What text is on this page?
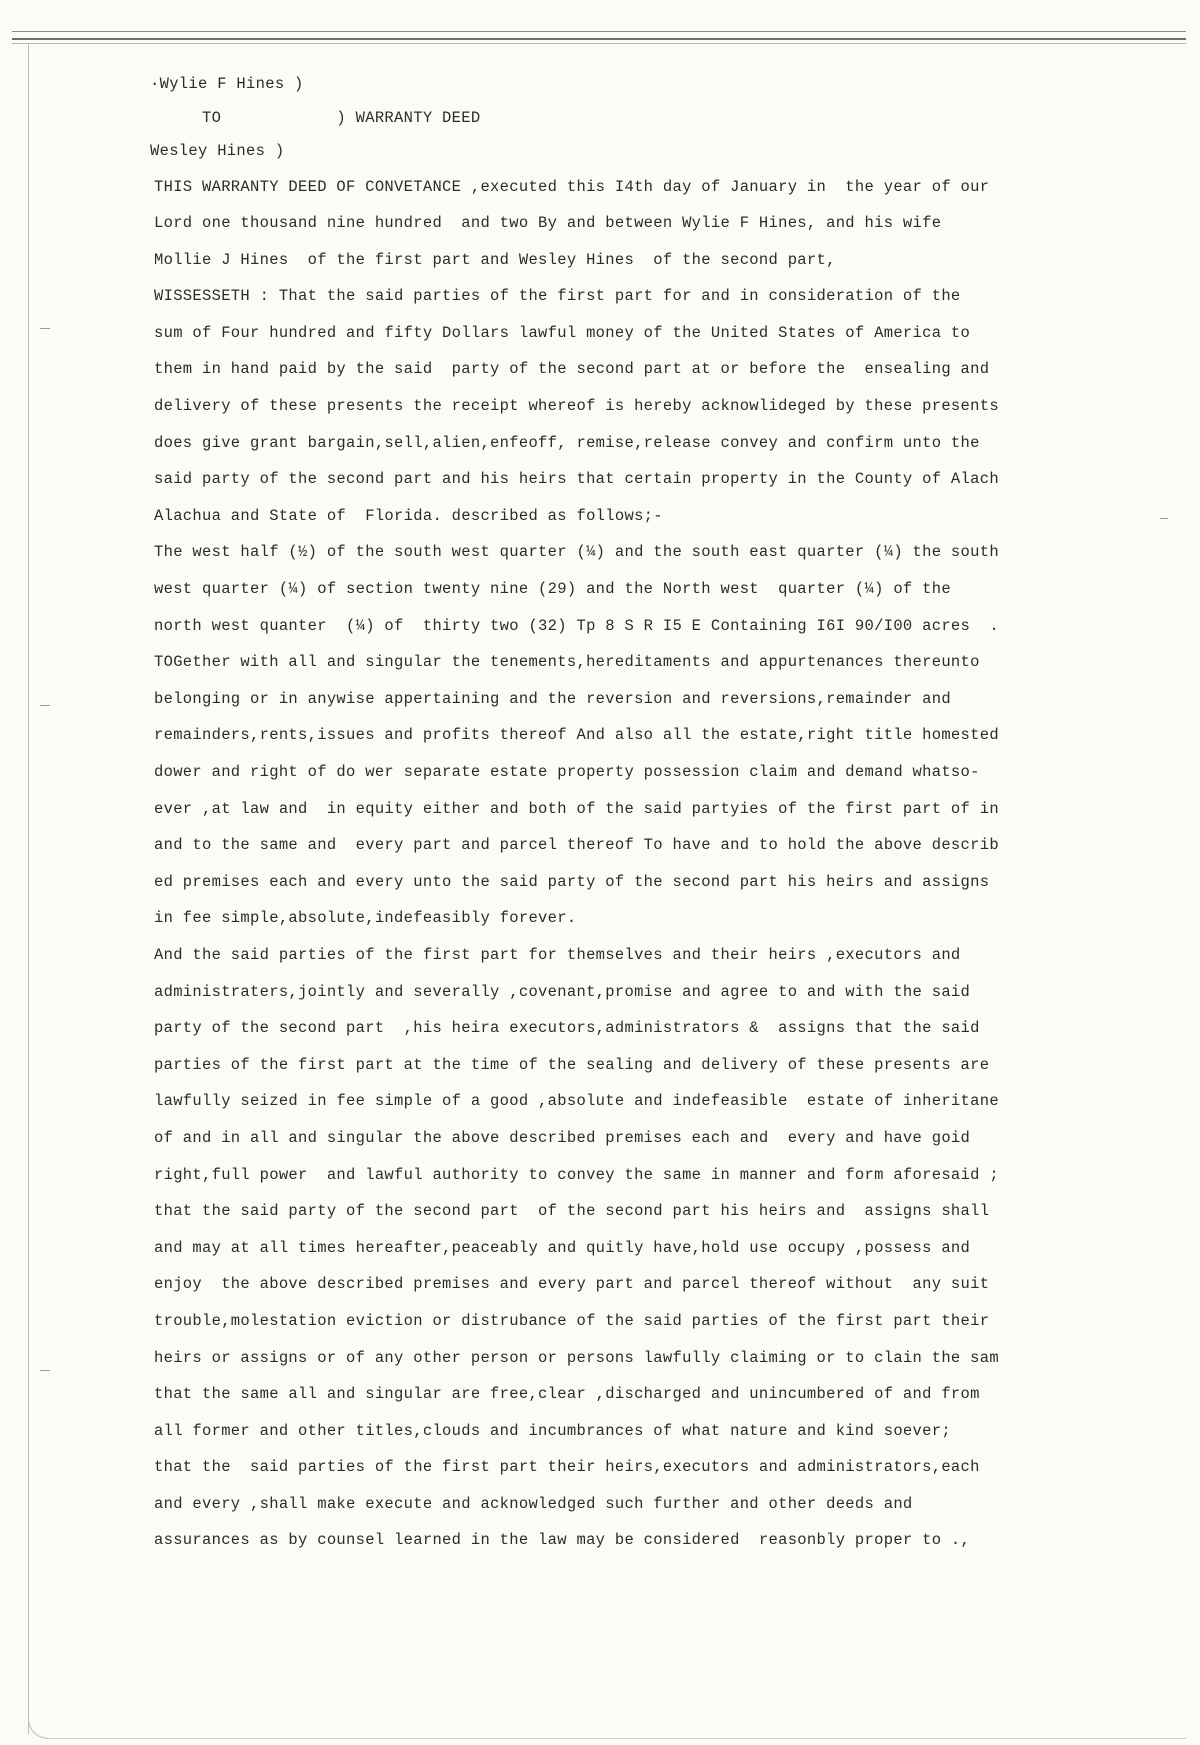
·Wylie F Hines )
TO            ) WARRANTY DEED
Wesley Hines )
THIS WARRANTY DEED OF CONVETANCE ,executed this I4th day of January in  the year of our
Lord one thousand nine hundred  and two By and between Wylie F Hines, and his wife
Mollie J Hines  of the first part and Wesley Hines  of the second part,
WISSESSETH : That the said parties of the first part for and in consideration of the
sum of Four hundred and fifty Dollars lawful money of the United States of America to
them in hand paid by the said  party of the second part at or before the  ensealing and
delivery of these presents the receipt whereof is hereby acknowlideged by these presents
does give grant bargain,sell,alien,enfeoff, remise,release convey and confirm unto the
said party of the second part and his heirs that certain property in the County of Alach
Alachua and State of  Florida. described as follows;-
The west half (½) of the south west quarter (¼) and the south east quarter (¼) the south
west quarter (¼) of section twenty nine (29) and the North west  quarter (¼) of the
north west quanter  (¼) of  thirty two (32) Tp 8 S R I5 E Containing I6I 90/I00 acres  .
TOGether with all and singular the tenements,hereditaments and appurtenances thereunto
belonging or in anywise appertaining and the reversion and reversions,remainder and
remainders,rents,issues and profits thereof And also all the estate,right title homested
dower and right of do wer separate estate property possession claim and demand whatso-
ever ,at law and  in equity either and both of the said partyies of the first part of in
and to the same and  every part and parcel thereof To have and to hold the above describ
ed premises each and every unto the said party of the second part his heirs and assigns
in fee simple,absolute,indefeasibly forever.
And the said parties of the first part for themselves and their heirs ,executors and
administraters,jointly and severally ,covenant,promise and agree to and with the said
party of the second part  ,his heira executors,administrators &  assigns that the said
parties of the first part at the time of the sealing and delivery of these presents are
lawfully seized in fee simple of a good ,absolute and indefeasible  estate of inheritane
of and in all and singular the above described premises each and  every and have goid
right,full power  and lawful authority to convey the same in manner and form aforesaid ;
that the said party of the second part  of the second part his heirs and  assigns shall
and may at all times hereafter,peaceably and quitly have,hold use occupy ,possess and
enjoy  the above described premises and every part and parcel thereof without  any suit
trouble,molestation eviction or distrubance of the said parties of the first part their
heirs or assigns or of any other person or persons lawfully claiming or to clain the sam
that the same all and singular are free,clear ,discharged and unincumbered of and from
all former and other titles,clouds and incumbrances of what nature and kind soever;
that the  said parties of the first part their heirs,executors and administrators,each
and every ,shall make execute and acknowledged such further and other deeds and
assurances as by counsel learned in the law may be considered  reasonbly proper to .,
